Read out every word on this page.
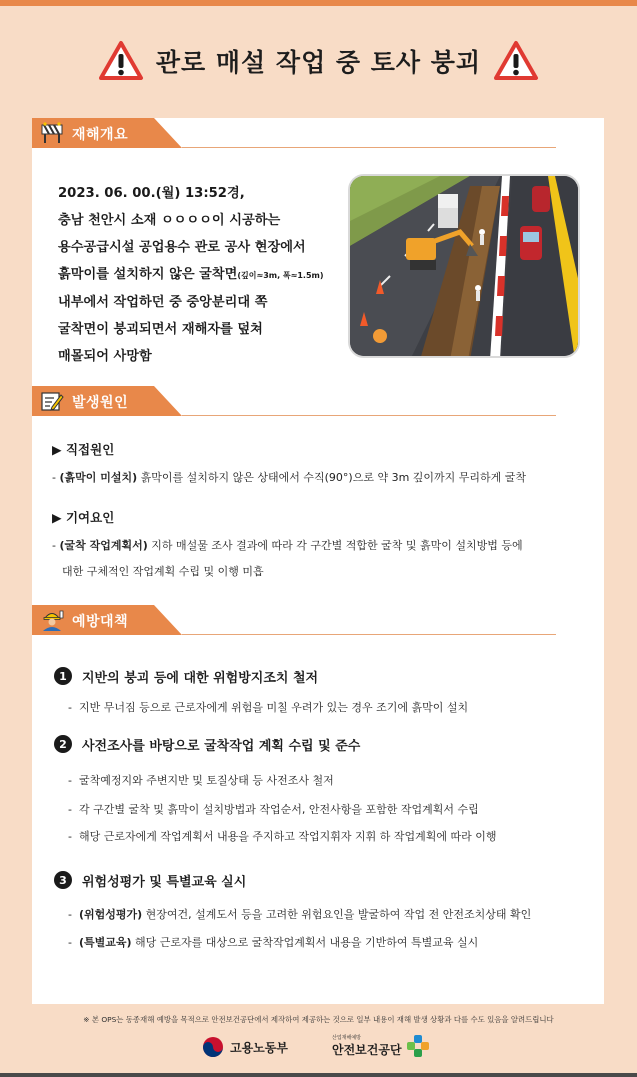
관로 매설 작업 중 토사 붕괴
재해개요
2023. 06. 00.(월) 13:52경,
충남 천안시 소재 ㅇㅇㅇㅇ이 시공하는
용수공급시설 공업용수 관로 공사 현장에서
흙막이를 설치하지 않은 굴착면(깊이≈3m, 폭≈1.5m)
내부에서 작업하던 중 중앙분리대 쪽
굴착면이 붕괴되면서 재해자를 덮쳐
매몰되어 사망함
발생원인
▶ 직접원인
- (흙막이 미설치) 흙막이를 설치하지 않은 상태에서 수직(90°)으로 약 3m 깊이까지 무리하게 굴착
▶ 기여요인
- (굴착 작업계획서) 지하 매설물 조사 결과에 따라 각 구간별 적합한 굴착 및 흙막이 설치방법 등에
대한 구체적인 작업계획 수립 및 이행 미흡
예방대책
1	지반의 붕괴 등에 대한 위험방지조치 철저
- 지반 무너짐 등으로 근로자에게 위험을 미칠 우려가 있는 경우 조기에 흙막이 설치
2	사전조사를 바탕으로 굴착작업 계획 수립 및 준수
- 굴착예정지와 주변지반 및 토질상태 등 사전조사 철저
- 각 구간별 굴착 및 흙막이 설치방법과 작업순서, 안전사항을 포함한 작업계획서 수립
- 해당 근로자에게 작업계획서 내용을 주지하고 작업지휘자 지휘 하 작업계획에 따라 이행
3	위험성평가 및 특별교육 실시
- (위험성평가) 현장여건, 설계도서 등을 고려한 위험요인을 발굴하여 작업 전 안전조치상태 확인
- (특별교육) 해당 근로자를 대상으로 굴착작업계획서 내용을 기반하여 특별교육 실시
※ 본 OPS는 동종재해 예방을 목적으로 안전보건공단에서 제작하여 제공하는 것으로 일부 내용이 재해 발생 상황과 다를 수도 있음을 알려드립니다
고용노동부
산업재해예방
안전보건공단
